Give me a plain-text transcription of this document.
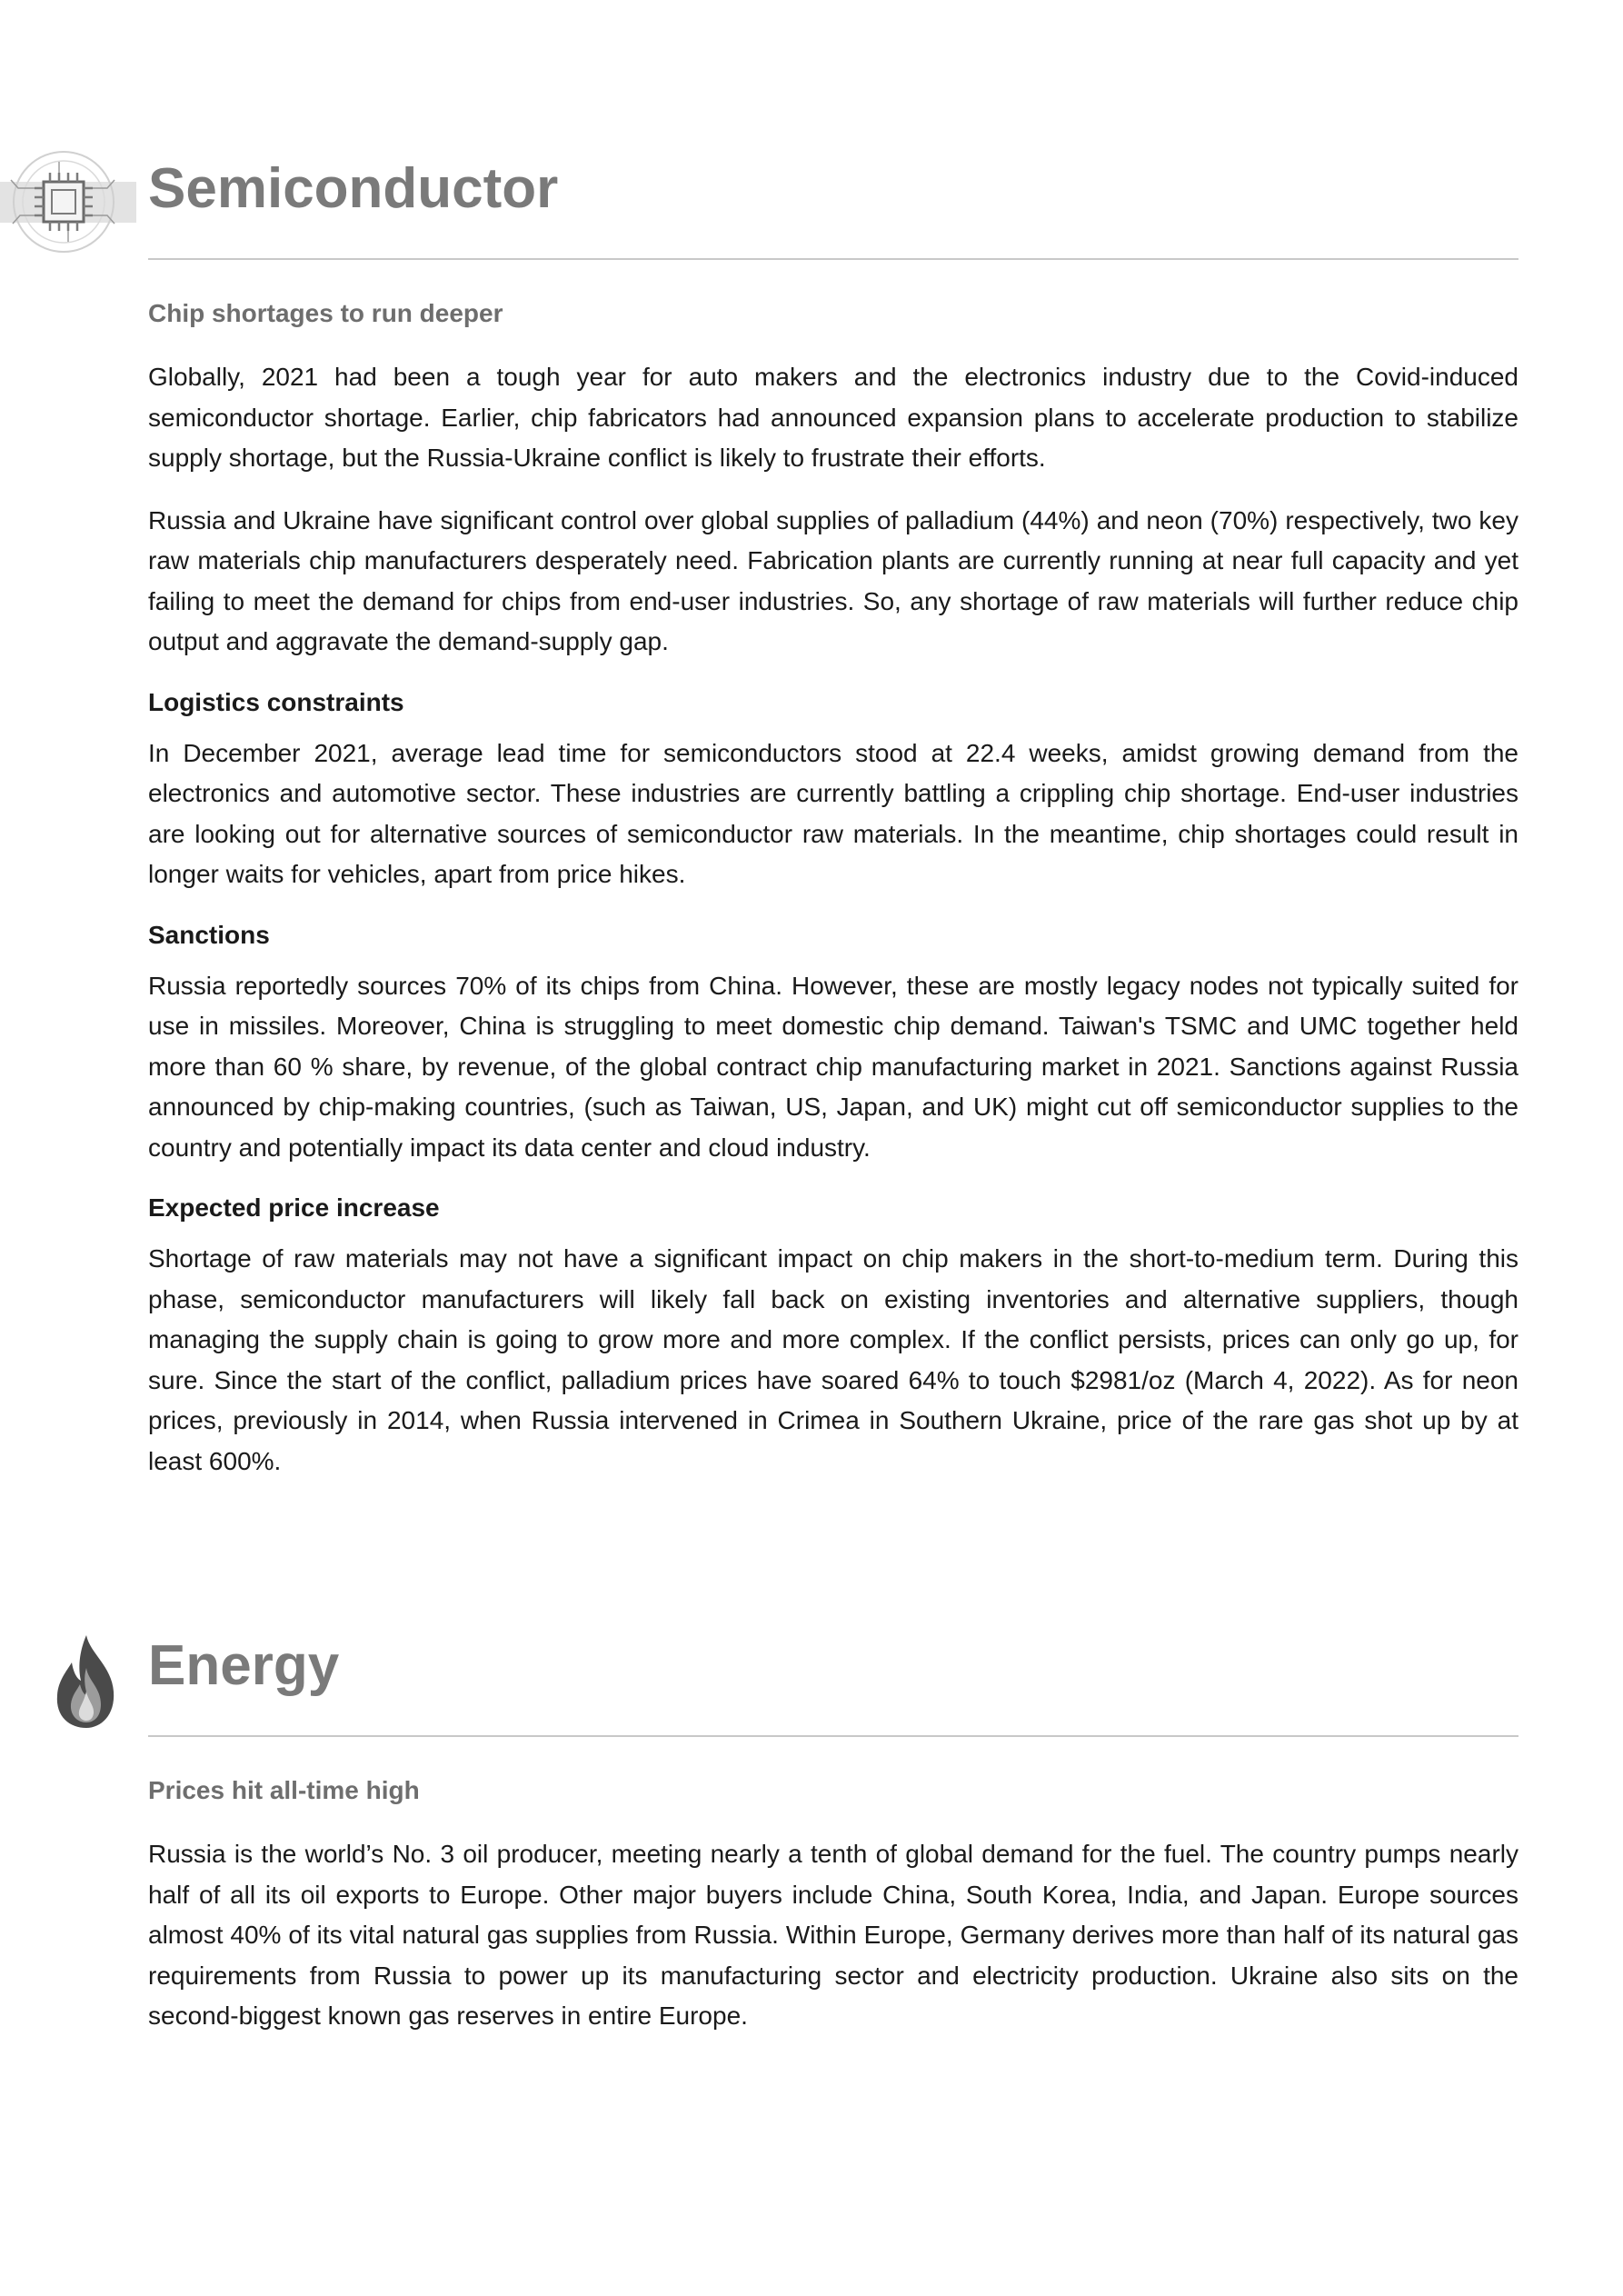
Semiconductor
Chip shortages to run deeper

Globally, 2021 had been a tough year for auto makers and the electronics industry due to the Covid-induced semiconductor shortage. Earlier, chip fabricators had announced expansion plans to accelerate production to stabilize supply shortage, but the Russia-Ukraine conflict is likely to frustrate their efforts.

Russia and Ukraine have significant control over global supplies of palladium (44%) and neon (70%) respectively, two key raw materials chip manufacturers desperately need. Fabrication plants are currently running at near full capacity and yet failing to meet the demand for chips from end-user industries. So, any shortage of raw materials will further reduce chip output and aggravate the demand-supply gap.

Logistics constraints

In December 2021, average lead time for semiconductors stood at 22.4 weeks, amidst growing demand from the electronics and automotive sector. These industries are currently battling a crippling chip shortage. End-user industries are looking out for alternative sources of semiconductor raw materials. In the meantime, chip shortages could result in longer waits for vehicles, apart from price hikes.

Sanctions

Russia reportedly sources 70% of its chips from China. However, these are mostly legacy nodes not typically suited for use in missiles. Moreover, China is struggling to meet domestic chip demand. Taiwan's TSMC and UMC together held more than 60 % share, by revenue, of the global contract chip manufacturing market in 2021. Sanctions against Russia announced by chip-making countries, (such as Taiwan, US, Japan, and UK) might cut off semiconductor supplies to the country and potentially impact its data center and cloud industry.

Expected price increase

Shortage of raw materials may not have a significant impact on chip makers in the short-to-medium term. During this phase, semiconductor manufacturers will likely fall back on existing inventories and alternative suppliers, though managing the supply chain is going to grow more and more complex. If the conflict persists, prices can only go up, for sure. Since the start of the conflict, palladium prices have soared 64% to touch $2981/oz (March 4, 2022). As for neon prices, previously in 2014, when Russia intervened in Crimea in Southern Ukraine, price of the rare gas shot up by at least 600%.

Energy
Prices hit all-time high

Russia is the world’s No. 3 oil producer, meeting nearly a tenth of global demand for the fuel. The country pumps nearly half of all its oil exports to Europe. Other major buyers include China, South Korea, India, and Japan. Europe sources almost 40% of its vital natural gas supplies from Russia. Within Europe, Germany derives more than half of its natural gas requirements from Russia to power up its manufacturing sector and electricity production. Ukraine also sits on the second-biggest known gas reserves in entire Europe.
